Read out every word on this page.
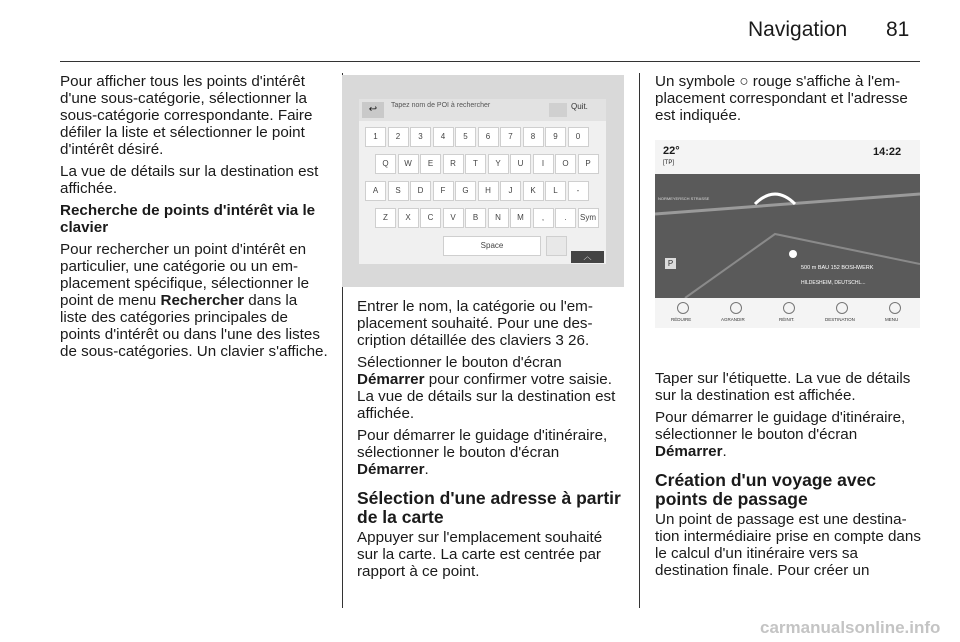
Navigation 81

Pour afficher tous les points d'intérêt d'une sous-catégorie, sélectionner la sous-catégorie correspondante. Faire défiler la liste et sélectionner le point d'intérêt désiré.

La vue de détails sur la destination est affichée.

Recherche de points d'intérêt via le clavier

Pour rechercher un point d'intérêt en particulier, une catégorie ou un emplacement spécifique, sélectionner le point de menu Rechercher dans la liste des catégories principales de points d'intérêt ou dans l'une des listes de sous-catégories. Un clavier s'affiche.

↩	Tapez nom de POI à rechercher	Quit.
1	2	3	4	5	6	7	8	9	0
Q	W	E	R	T	Y	U	I	O	P
A	S	D	F	G	H	J	K	L	-
Z	X	C	V	B	N	M	,	.	Sym
Space
︿

Entrer le nom, la catégorie ou l'emplacement souhaité. Pour une description détaillée des claviers 3 26.

Sélectionner le bouton d'écran Démarrer pour confirmer votre saisie. La vue de détails sur la destination est affichée.

Pour démarrer le guidage d'itinéraire, sélectionner le bouton d'écran Démarrer.

Sélection d'une adresse à partir de la carte

Appuyer sur l'emplacement souhaité sur la carte. La carte est centrée par rapport à ce point.

Un symbole ○ rouge s'affiche à l'emplacement correspondant et l'adresse est indiquée.

Taper sur l'étiquette. La vue de détails sur la destination est affichée.

Pour démarrer le guidage d'itinéraire, sélectionner le bouton d'écran Démarrer.

Création d'un voyage avec points de passage

Un point de passage est une destination intermédiaire prise en compte dans le calcul d'un itinéraire vers sa destination finale. Pour créer un

22°
[TP]
14:22
P
NORMEYERSCH STRASSE
500 m BAU 152 BOSHWERK
HILDESHEIM, DEUTSCHL...
RÉDUIRE	AGRANDIR	RÉINIT.	DESTINATION	MENU
carmanualsonline.info
